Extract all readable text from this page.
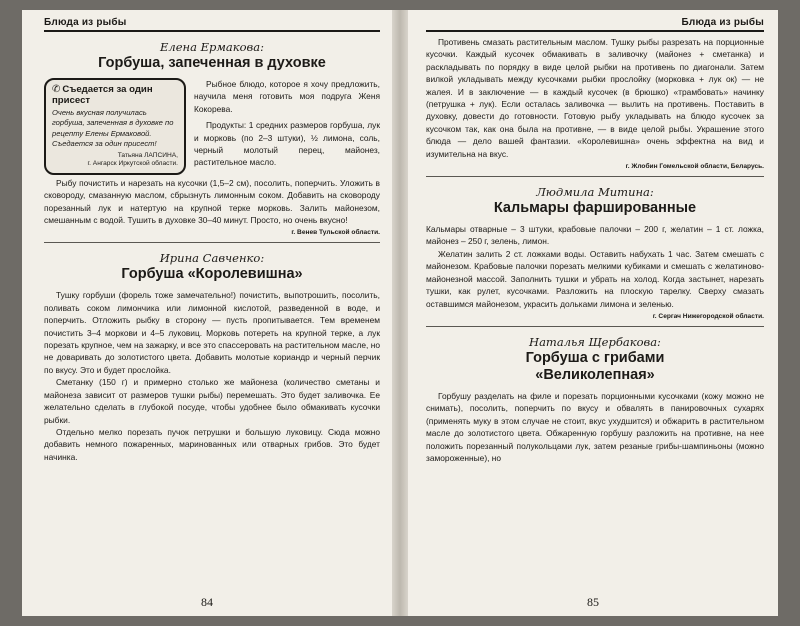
Блюда из рыбы
Елена Ермакова:
Горбуша, запеченная в духовке
✆ Съедается за один присест
Очень вкусная получилась горбуша, запеченная в духовке по рецепту Елены Ермаковой. Съедается за один присест!
Татьяна ЛАПСИНА,
г. Ангарск Иркутской области.

Рыбное блюдо, которое я хочу предложить, научила меня готовить моя подруга Женя Кокорева.

Продукты: 1 средних размеров горбуша, лук и морковь (по 2–3 штуки), ½ лимона, соль, черный молотый перец, майонез, растительное масло.

Рыбу почистить и нарезать на кусочки (1,5–2 см), посолить, поперчить. Уложить в сковороду, смазанную маслом, сбрызнуть лимонным соком. Добавить на сковороду порезанный лук и натертую на крупной терке морковь. Залить майонезом, смешанным с водой. Тушить в духовке 30–40 минут. Просто, но очень вкусно!

г. Венев Тульской области.
Ирина Савченко:
Горбуша «Королевишна»

Тушку горбуши (форель тоже замечательно!) почистить, выпотрошить, посолить, поливать соком лимончика или лимонной кислотой, разведенной в воде, и поперчить. Отложить рыбку в сторону — пусть пропитывается. Тем временем почистить 3–4 моркови и 4–5 луковиц. Морковь потереть на крупной терке, а лук порезать крупное, чем на зажарку, и все это спассеровать на растительном масле, но не доваривать до золотистого цвета. Добавить молотые кориандр и черный перчик по вкусу. Это и будет прослойка.

Сметанку (150 г) и примерно столько же майонеза (количество сметаны и майонеза зависит от размеров тушки рыбы) перемешать. Это будет заливочка. Ее желательно сделать в глубокой посуде, чтобы удобнее было обмакивать кусочки рыбки.

Отдельно мелко порезать пучок петрушки и большую луковицу. Сюда можно добавить немного пожаренных, маринованных или отварных грибов. Это будет начинка.

84
Блюда из рыбы

Противень смазать растительным маслом. Тушку рыбы разрезать на порционные кусочки. Каждый кусочек обмакивать в заливочку (майонез + сметанка) и раскладывать по порядку в виде целой рыбки на противень по диагонали. Затем вилкой укладывать между кусочками рыбки прослойку (морковка + лук ок) — не жалея. И в заключение — в каждый кусочек (в брюшко) «трамбовать» начинку (петрушка + лук). Если осталась заливочка — вылить на противень. Поставить в духовку, довести до готовности. Готовую рыбу укладывать на блюдо кусочек за кусочком так, как она была на противне, — в виде целой рыбы. Украшение этого блюда — дело вашей фантазии. «Королевишна» очень эффектна на вид и изумительна на вкус.

г. Жлобин Гомельской области, Беларусь.
Людмила Митина:
Кальмары фаршированные

Кальмары отварные – 3 штуки, крабовые палочки – 200 г, желатин – 1 ст. ложка, майонез – 250 г, зелень, лимон.

Желатин залить 2 ст. ложками воды. Оставить набухать 1 час. Затем смешать с майонезом. Крабовые палочки порезать мелкими кубиками и смешать с желатиново-майонезной массой. Заполнить тушки и убрать на холод. Когда застынет, нарезать тушки, как рулет, кусочками. Разложить на плоскую тарелку. Сверху смазать оставшимся майонезом, украсить дольками лимона и зеленью.

г. Сергач Нижегородской области.
Наталья Щербакова:
Горбуша с грибами
«Великолепная»

Горбушу разделать на филе и порезать порционными кусочками (кожу можно не снимать), посолить, поперчить по вкусу и обвалять в панировочных сухарях (применять муку в этом случае не стоит, вкус ухудшится) и обжарить в растительном масле до золотистого цвета. Обжаренную горбушу разложить на противне, на нее положить порезанный полукольцами лук, затем резаные грибы-шампиньоны (можно замороженные), но

85
